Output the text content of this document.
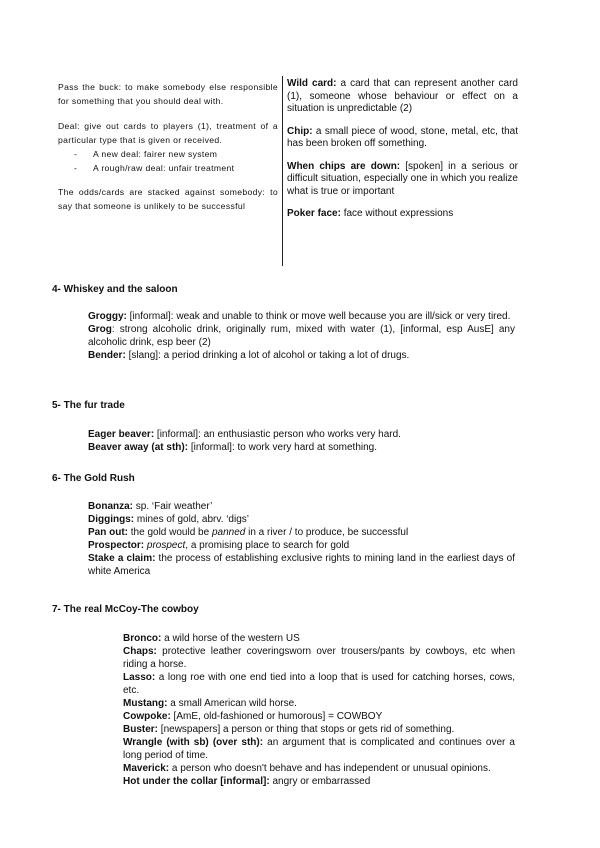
Pass the buck: to make somebody else responsible for something that you should deal with.

Deal: give out cards to players (1), treatment of a particular type that is given or received.

- A new deal: fairer new system
- A rough/raw deal: unfair treatment

The odds/cards are stacked against somebody: to say that someone is unlikely to be successful

Wild card: a card that can represent another card (1), someone whose behaviour or effect on a situation is unpredictable (2)

Chip: a small piece of wood, stone, metal, etc, that has been broken off something.

When chips are down: [spoken] in a serious or difficult situation, especially one in which you realize what is true or important

Poker face: face without expressions

4- Whiskey and the saloon

Groggy: [informal]: weak and unable to think or move well because you are ill/sick or very tired.

Grog: strong alcoholic drink, originally rum, mixed with water (1), [informal, esp AusE] any alcoholic drink, esp beer (2)

Bender: [slang]: a period drinking a lot of alcohol or taking a lot of drugs.

5- The fur trade

Eager beaver: [informal]: an enthusiastic person who works very hard.

Beaver away (at sth): [informal]: to work very hard at something.

6- The Gold Rush

Bonanza: sp. ‘Fair weather’

Diggings: mines of gold, abrv. ‘digs’

Pan out: the gold would be panned in a river / to produce, be successful

Prospector: prospect, a promising place to search for gold

Stake a claim: the process of establishing exclusive rights to mining land in the earliest days of white America

7- The real McCoy-The cowboy

Bronco: a wild horse of the western US

Chaps: protective leather coveringsworn over trousers/pants by cowboys, etc when riding a horse.

Lasso: a long roe with one end tied into a loop that is used for catching horses, cows, etc.

Mustang: a small American wild horse.

Cowpoke: [AmE, old-fashioned or humorous] = COWBOY

Buster: [newspapers] a person or thing that stops or gets rid of something.

Wrangle (with sb) (over sth): an argument that is complicated and continues over a long period of time.

Maverick: a person who doesn't behave and has independent or unusual opinions.

Hot under the collar [informal]: angry or embarrassed
